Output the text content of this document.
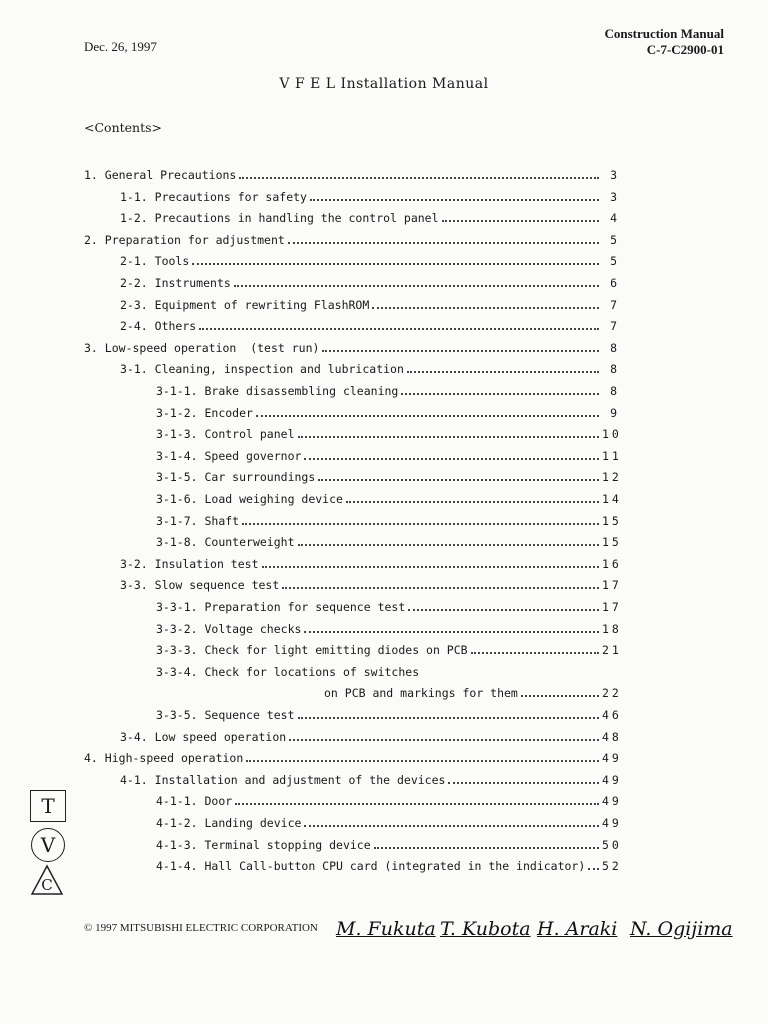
Dec. 26, 1997
Construction Manual
C-7-C2900-01
V F E L Installation Manual
<Contents>
1. General Precautions	3
1-1. Precautions for safety	3
1-2. Precautions in handling the control panel	4
2. Preparation for adjustment	5
2-1. Tools	5
2-2. Instruments	6
2-3. Equipment of rewriting FlashROM	7
2-4. Others	7
3. Low-speed operation  (test run)	8
3-1. Cleaning, inspection and lubrication	8
3-1-1. Brake disassembling cleaning	8
3-1-2. Encoder	9
3-1-3. Control panel	10
3-1-4. Speed governor	11
3-1-5. Car surroundings	12
3-1-6. Load weighing device	14
3-1-7. Shaft	15
3-1-8. Counterweight	15
3-2. Insulation test	16
3-3. Slow sequence test	17
3-3-1. Preparation for sequence test	17
3-3-2. Voltage checks	18
3-3-3. Check for light emitting diodes on PCB	21
3-3-4. Check for locations of switches
on PCB and markings for them	22
3-3-5. Sequence test	46
3-4. Low speed operation	48
4. High-speed operation	49
4-1. Installation and adjustment of the devices	49
4-1-1. Door	49
4-1-2. Landing device	49
4-1-3. Terminal stopping device	50
4-1-4. Hall Call-button CPU card (integrated in the indicator) 52
T
V
C
© 1997 MITSUBISHI ELECTRIC CORPORATION M. Fukuta T. Kubota H. Araki N. Ogijima
